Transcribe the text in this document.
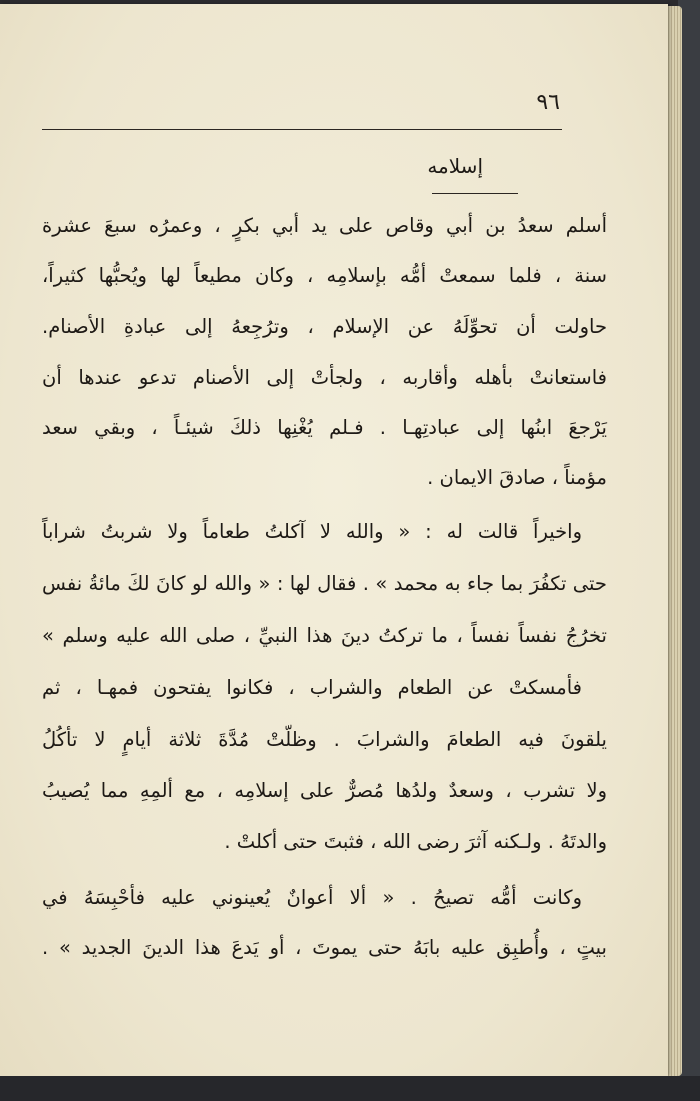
٩٦
إسلامه
أسلم سعدُ بن أبي وقاص على يد أبي بكرٍ ، وعمرُه سبعَ عشرة
سنة ، فلما سمعتْ أمُّه بإسلامِه ، وكان مطيعاً لها ويُحبُّها كثيراً،
حاولت أن تحوِّلَهُ عن الإسلام ، وترُجِعهُ إلى عبادةِ الأصنام.
فاستعانتْ بأهله وأقاربه ، ولجأتْ إلى الأصنام تدعو عندها أن
يَرْجعَ ابنُها إلى عبادتِهـا . فـلم يُغْنِها ذلكَ شيئـاً ، وبقي سعد
مؤمناً ، صادقَ الايمان .
واخيراً قالت له : « والله لا آكلتُ طعاماً ولا شربتُ شراباً
حتى تكفُرَ بما جاء به محمد » . فقال لها : « والله لو كانَ لكَ مائةُ نفس
تخرُجُ نفساً نفساً ، ما تركتُ دينَ هذا النبيِّ ، صلى الله عليه وسلم »
فأمسكتْ عن الطعام والشراب ، فكانوا يفتحون فمهـا ، ثم
يلقونَ فيه الطعامَ والشرابَ . وظلّتْ مُدَّةَ ثلاثة أيامٍ لا تأكُلُ
ولا تشرب ، وسعدٌ ولدُها مُصرٌّ على إسلامِه ، مع ألمِهِ مما يُصيبُ
والدتَهُ . ولـكنه آثرَ رضى الله ، فثبتَ حتى أكلتْ .
وكانت أمُّه تصيحُ . « ألا أعوانٌ يُعينوني عليه فأحْبِسَهُ في
بيتٍ ، وأُطبِق عليه بابَهُ حتى يموتَ ، أو يَدعَ هذا الدينَ الجديد » .
